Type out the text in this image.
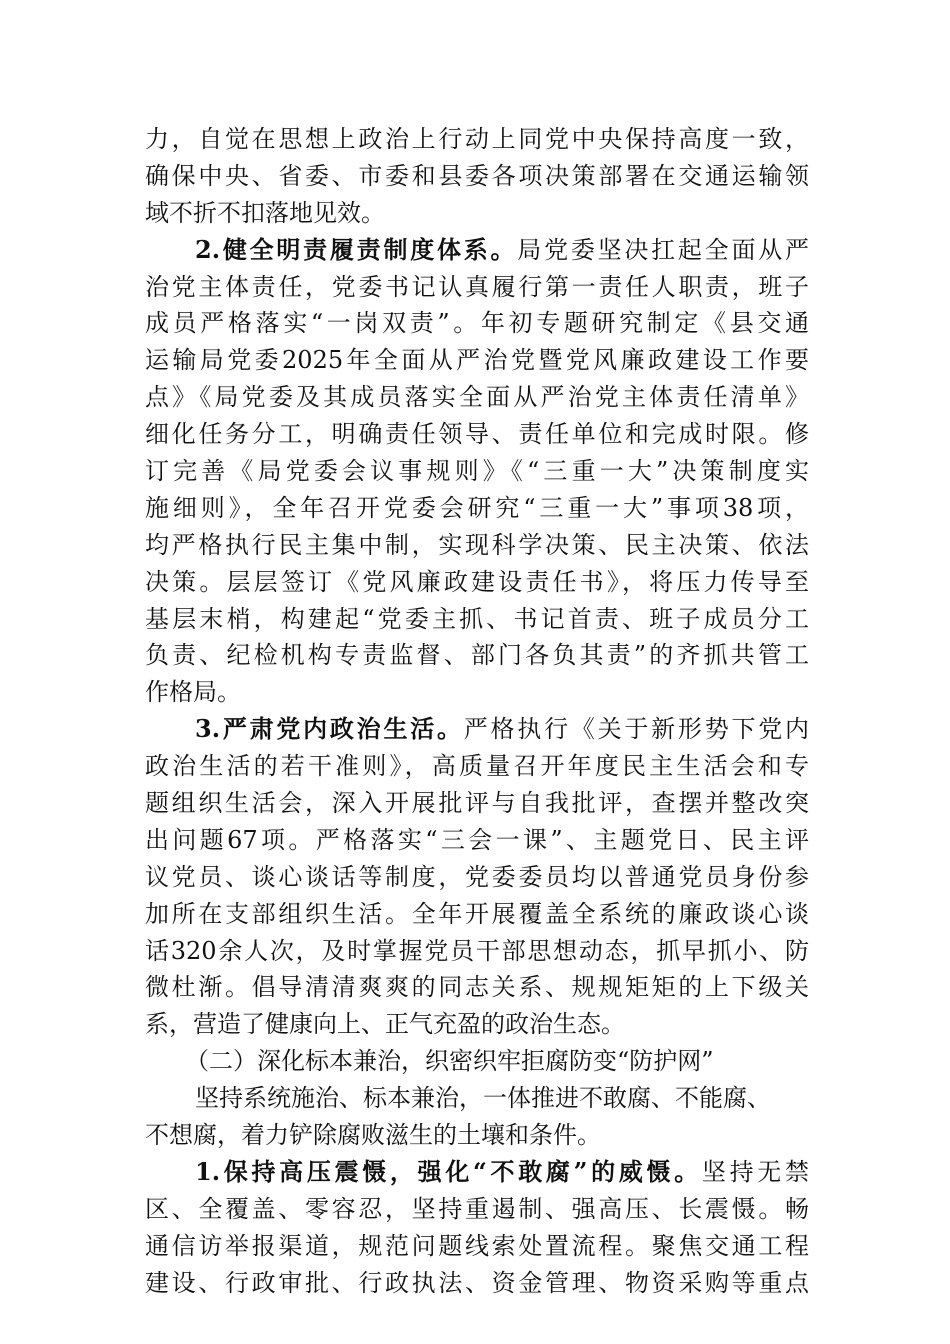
力，自觉在思想上政治上行动上同党中央保持高度一致，
确保中央、省委、市委和县委各项决策部署在交通运输领
域不折不扣落地见效。
2.健全明责履责制度体系。局党委坚决扛起全面从严
治党主体责任，党委书记认真履行第一责任人职责，班子
成员严格落实“一岗双责”。年初专题研究制定《县交通
运输局党委2025年全面从严治党暨党风廉政建设工作要
点》《局党委及其成员落实全面从严治党主体责任清单》
细化任务分工，明确责任领导、责任单位和完成时限。修
订完善《局党委会议事规则》《“三重一大”决策制度实
施细则》，全年召开党委会研究“三重一大”事项38项，
均严格执行民主集中制，实现科学决策、民主决策、依法
决策。层层签订《党风廉政建设责任书》，将压力传导至
基层末梢，构建起“党委主抓、书记首责、班子成员分工
负责、纪检机构专责监督、部门各负其责”的齐抓共管工
作格局。
3.严肃党内政治生活。严格执行《关于新形势下党内
政治生活的若干准则》，高质量召开年度民主生活会和专
题组织生活会，深入开展批评与自我批评，查摆并整改突
出问题67项。严格落实“三会一课”、主题党日、民主评
议党员、谈心谈话等制度，党委委员均以普通党员身份参
加所在支部组织生活。全年开展覆盖全系统的廉政谈心谈
话320余人次，及时掌握党员干部思想动态，抓早抓小、防
微杜渐。倡导清清爽爽的同志关系、规规矩矩的上下级关
系，营造了健康向上、正气充盈的政治生态。
（二）深化标本兼治，织密织牢拒腐防变“防护网”
坚持系统施治、标本兼治，一体推进不敢腐、不能腐、
不想腐，着力铲除腐败滋生的土壤和条件。
1.保持高压震慑，强化“不敢腐”的威慑。坚持无禁
区、全覆盖、零容忍，坚持重遏制、强高压、长震慑。畅
通信访举报渠道，规范问题线索处置流程。聚焦交通工程
建设、行政审批、行政执法、资金管理、物资采购等重点
